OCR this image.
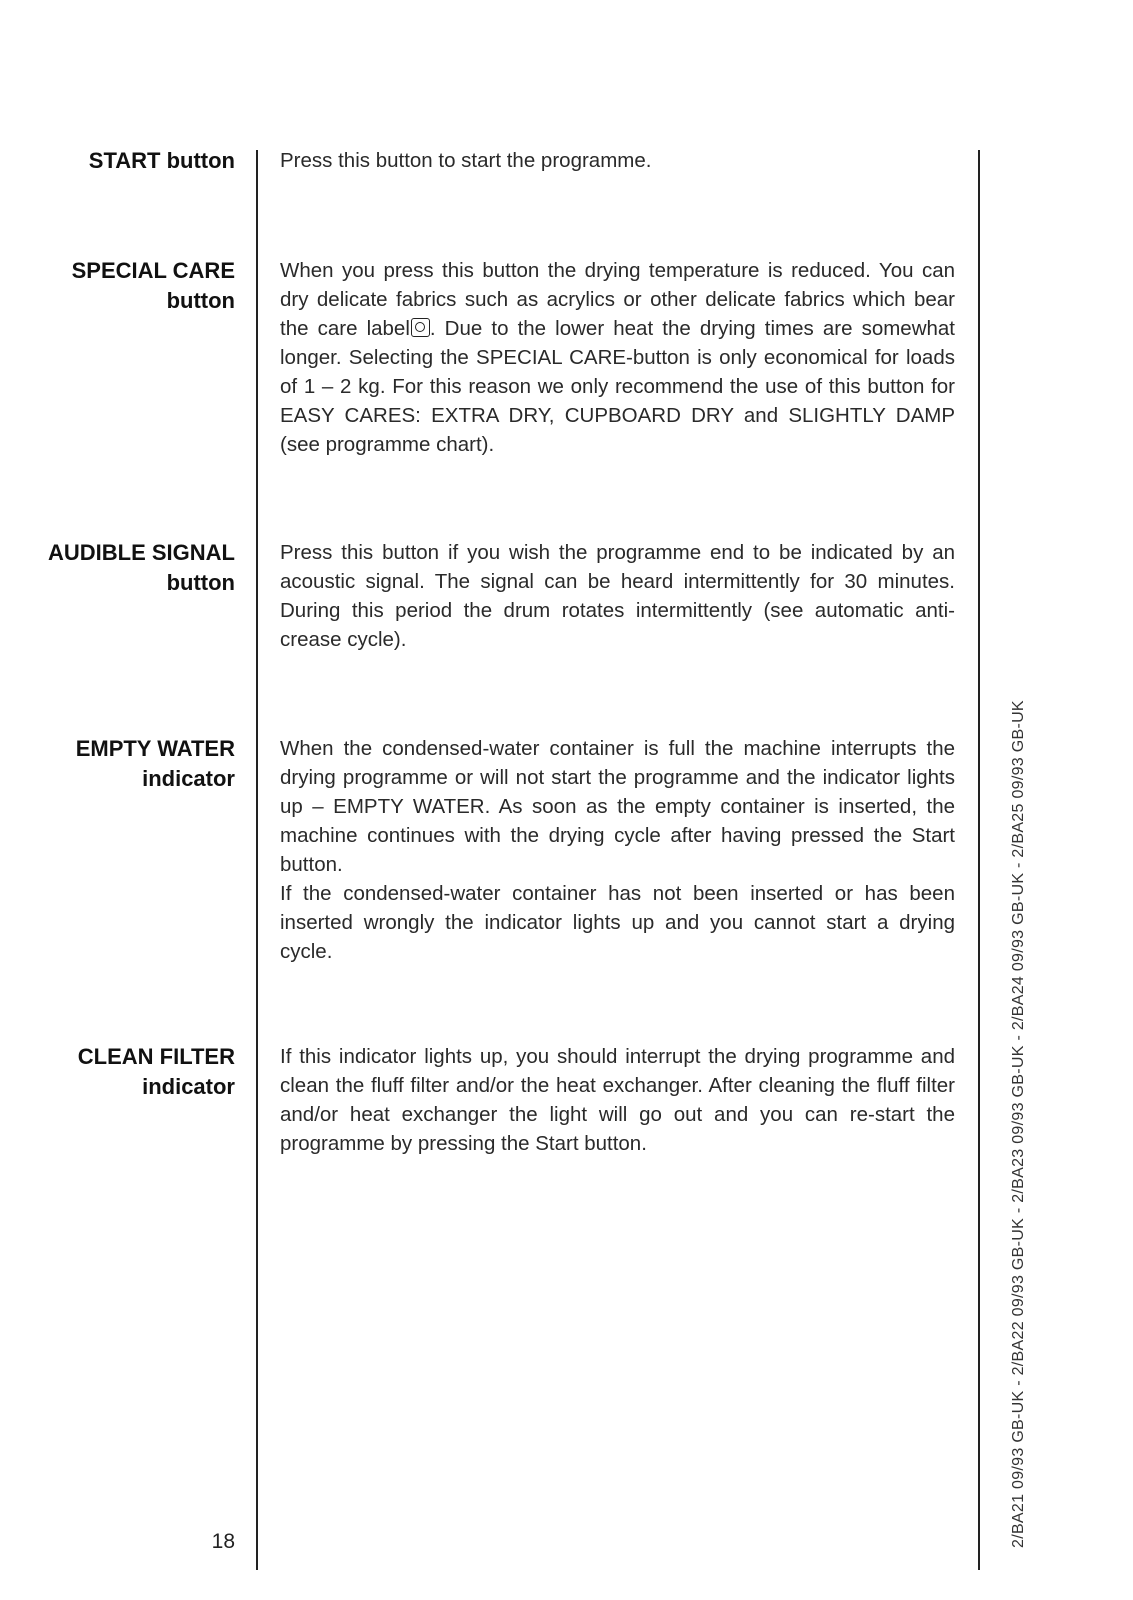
START button Press this button to start the programme.

SPECIAL CARE
button

When you press this button the drying temperature is reduced. You can dry delicate fabrics such as acrylics or other delicate fabrics which bear the care label . Due to the lower heat the drying times are somewhat longer. Selecting the SPECIAL CARE-button is only economical for loads of 1 – 2 kg. For this reason we only recommend the use of this button for EASY CARES: EXTRA DRY, CUPBOARD DRY and SLIGHTLY DAMP (see programme chart).

AUDIBLE SIGNAL
button

Press this button if you wish the programme end to be indicated by an acoustic signal. The signal can be heard intermittently for 30 minutes. During this period the drum rotates intermittently (see automatic anti-crease cycle).

EMPTY WATER
indicator

When the condensed-water container is full the machine interrupts the drying programme or will not start the programme and the indicator lights up – EMPTY WATER. As soon as the empty container is inserted, the machine continues with the drying cycle after having pressed the Start button.

If the condensed-water container has not been inserted or has been inserted wrongly the indicator lights up and you cannot start a drying cycle.

CLEAN FILTER
indicator

If this indicator lights up, you should interrupt the drying programme and clean the fluff filter and/or the heat exchanger. After cleaning the fluff filter and/or heat exchanger the light will go out and you can re-start the programme by pressing the Start button.

18	2/BA21 09/93 GB-UK - 2/BA22 09/93 GB-UK - 2/BA23 09/93 GB-UK - 2/BA24 09/93 GB-UK - 2/BA25 09/93 GB-UK
